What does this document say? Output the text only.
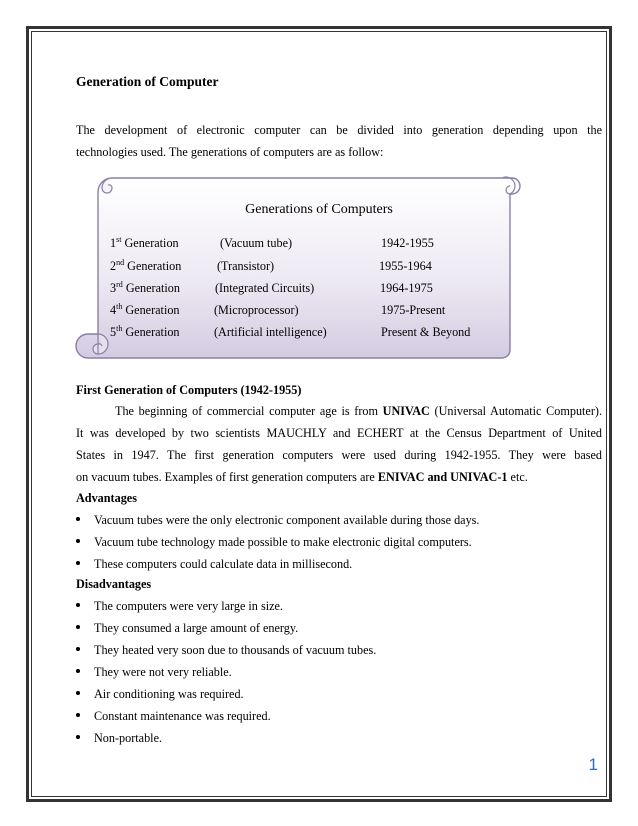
Generation of Computer
The development of electronic computer can be divided into generation depending upon the
technologies used. The generations of computers are as follow:
Generations of Computers
1st Generation	(Vacuum tube)	1942-1955
2nd Generation	(Transistor)	1955-1964
3rd Generation	(Integrated Circuits)	1964-1975
4th Generation	(Microprocessor)	1975-Present
5th Generation	(Artificial intelligence)	Present & Beyond
First Generation of Computers (1942-1955)
The beginning of commercial computer age is from UNIVAC (Universal Automatic Computer).
It was developed by two scientists MAUCHLY and ECHERT at the Census Department of United
States in 1947. The first generation computers were used during 1942-1955. They were based
on vacuum tubes. Examples of first generation computers are ENIVAC and UNIVAC-1 etc.
Advantages
Vacuum tubes were the only electronic component available during those days.
Vacuum tube technology made possible to make electronic digital computers.
These computers could calculate data in millisecond.
Disadvantages
The computers were very large in size.
They consumed a large amount of energy.
They heated very soon due to thousands of vacuum tubes.
They were not very reliable.
Air conditioning was required.
Constant maintenance was required.
Non-portable.
1
